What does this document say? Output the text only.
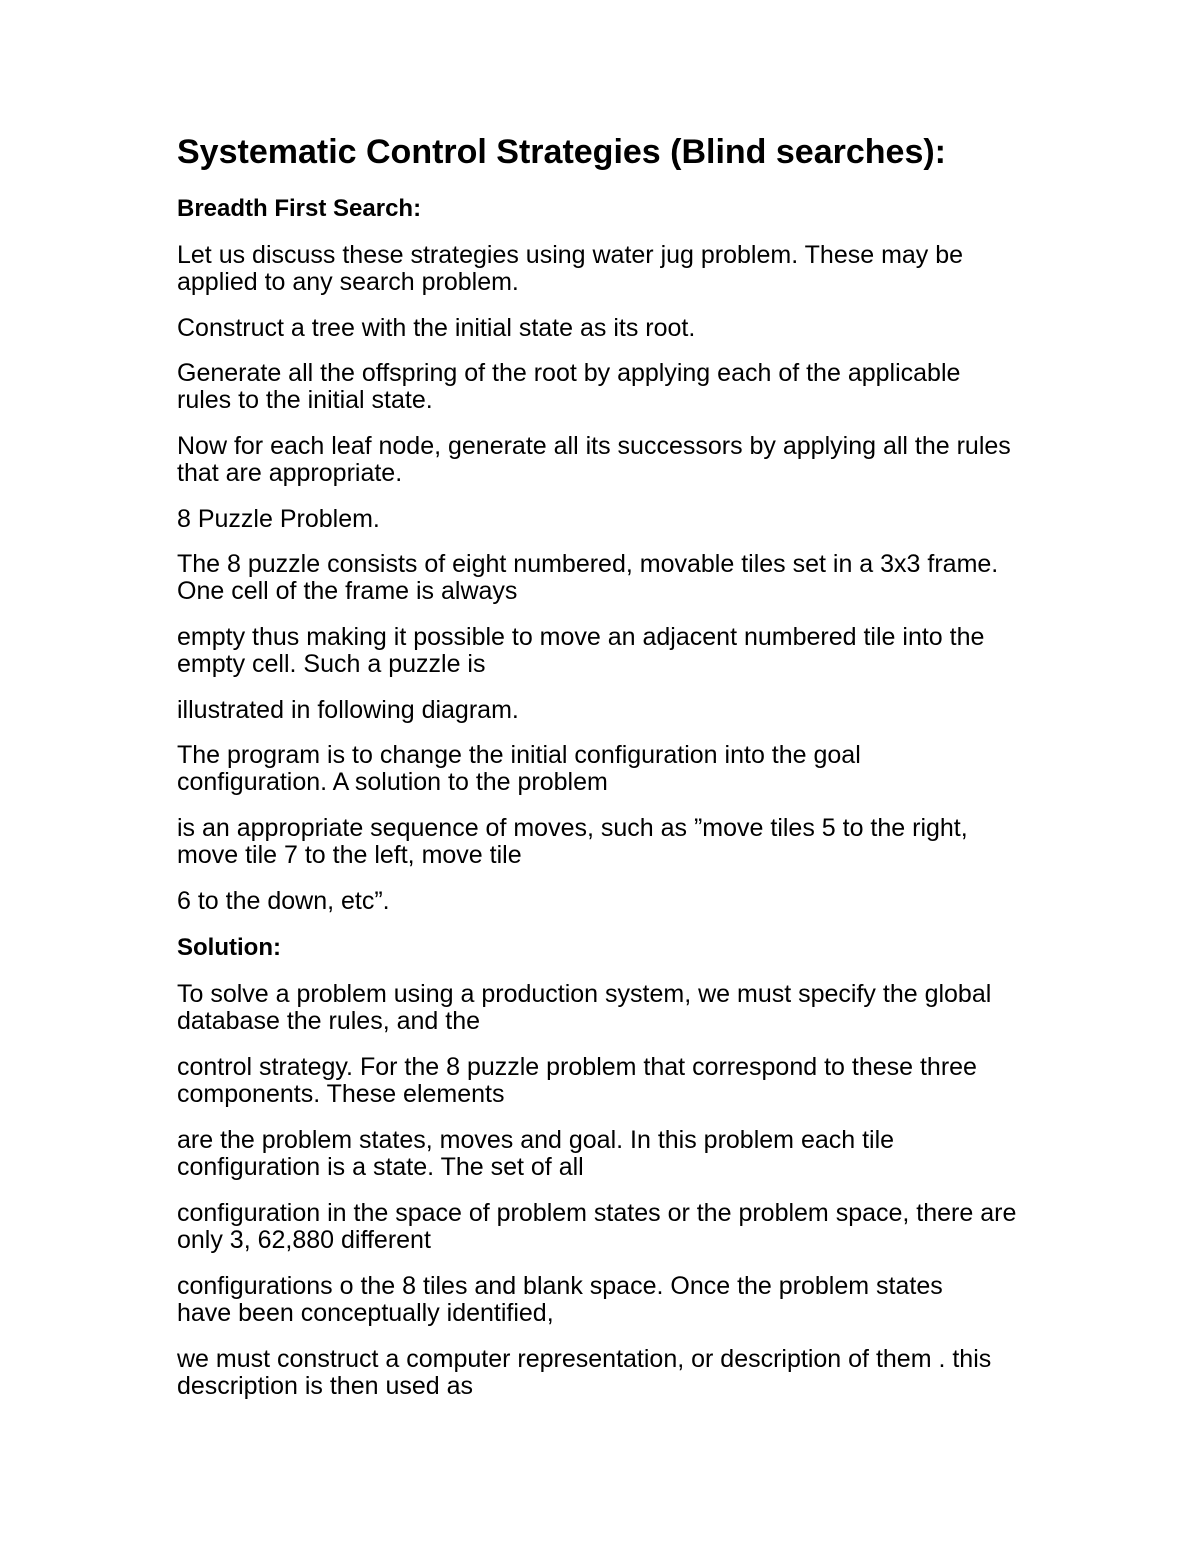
Systematic Control Strategies (Blind searches):
Breadth First Search:

Let us discuss these strategies using water jug problem. These may be applied to any search problem.

Construct a tree with the initial state as its root.

Generate all the offspring of the root by applying each of the applicable rules to the initial state.

Now for each leaf node, generate all its successors by applying all the rules that are appropriate.

8 Puzzle Problem.

The 8 puzzle consists of eight numbered, movable tiles set in a 3x3 frame. One cell of the frame is always

empty thus making it possible to move an adjacent numbered tile into the empty cell. Such a puzzle is

illustrated in following diagram.

The program is to change the initial configuration into the goal configuration. A solution to the problem

is an appropriate sequence of moves, such as ”move tiles 5 to the right, move tile 7 to the left, move tile

6 to the down, etc”.

Solution:

To solve a problem using a production system, we must specify the global database the rules, and the

control strategy. For the 8 puzzle problem that correspond to these three components. These elements

are the problem states, moves and goal. In this problem each tile configuration is a state. The set of all

configuration in the space of problem states or the problem space, there are only 3, 62,880 different

configurations o the 8 tiles and blank space. Once the problem states have been conceptually identified,

we must construct a computer representation, or description of them . this description is then used as
